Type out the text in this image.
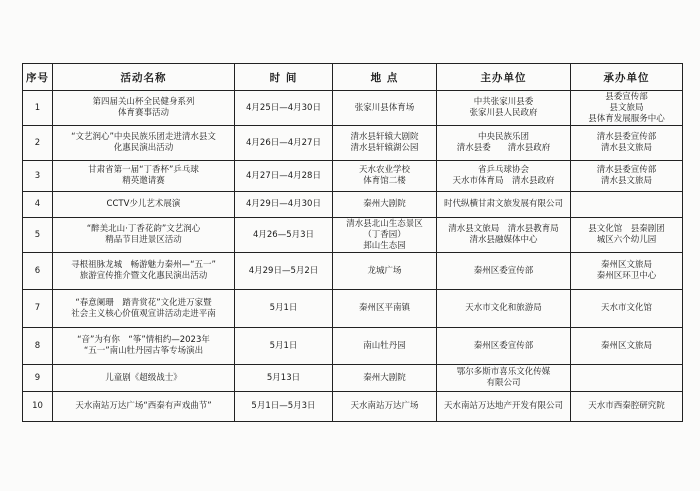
序号	活动名称	时 间	地 点	主办单位	承办单位
1	第四届关山杯全民健身系列
体育赛事活动	4月25日—4月30日	张家川县体育场	中共张家川县委
张家川县人民政府	县委宣传部
县文旅局
县体育发展服务中心
2	“文艺润心”中央民族乐团走进清水县文
化惠民演出活动	4月26日—4月27日	清水县轩辕大剧院
清水县轩辕湖公园	中央民族乐团
清水县委　　清水县政府	清水县委宣传部
清水县文旅局
3	甘肃省第一届“丁香杯”乒乓球
精英邀请赛	4月27日—4月28日	天水农业学校
体育馆二楼	省乒乓球协会
天水市体育局　清水县政府	清水县委宣传部
清水县文旅局
4	CCTV少儿艺术展演	4月29日—4月30日	秦州大剧院	时代纵横甘肃文旅发展有限公司	
5	“醉美北山·丁香花韵”文艺润心
精品节目进景区活动	4月26—5月3日	清水县北山生态景区
（丁香园）
邽山生态园	清水县文旅局　清水县教育局
清水县融媒体中心	县文化馆　县秦剧团
城区六个幼儿园
6	寻根祖脉龙城　畅游魅力秦州—“五一”
旅游宣传推介暨文化惠民演出活动	4月29日—5月2日	龙城广场	秦州区委宣传部	秦州区文旅局
秦州区环卫中心
7	“春意阑珊　踏青赏花”文化进万家暨
社会主义核心价值观宣讲活动走进平南	5月1日	秦州区平南镇	天水市文化和旅游局	天水市文化馆
8	“音”为有你　“筝”情相约—2023年
“五一”南山牡丹园古筝专场演出	5月1日	南山牡丹园	秦州区委宣传部	秦州区文旅局
9	儿童剧《超级战士》	5月13日	秦州大剧院	鄂尔多斯市喜乐文化传媒
有限公司	
10	天水南站万达广场“西秦有声戏曲节”	5月1日—5月3日	天水南站万达广场	天水南站万达地产开发有限公司	天水市西秦腔研究院
